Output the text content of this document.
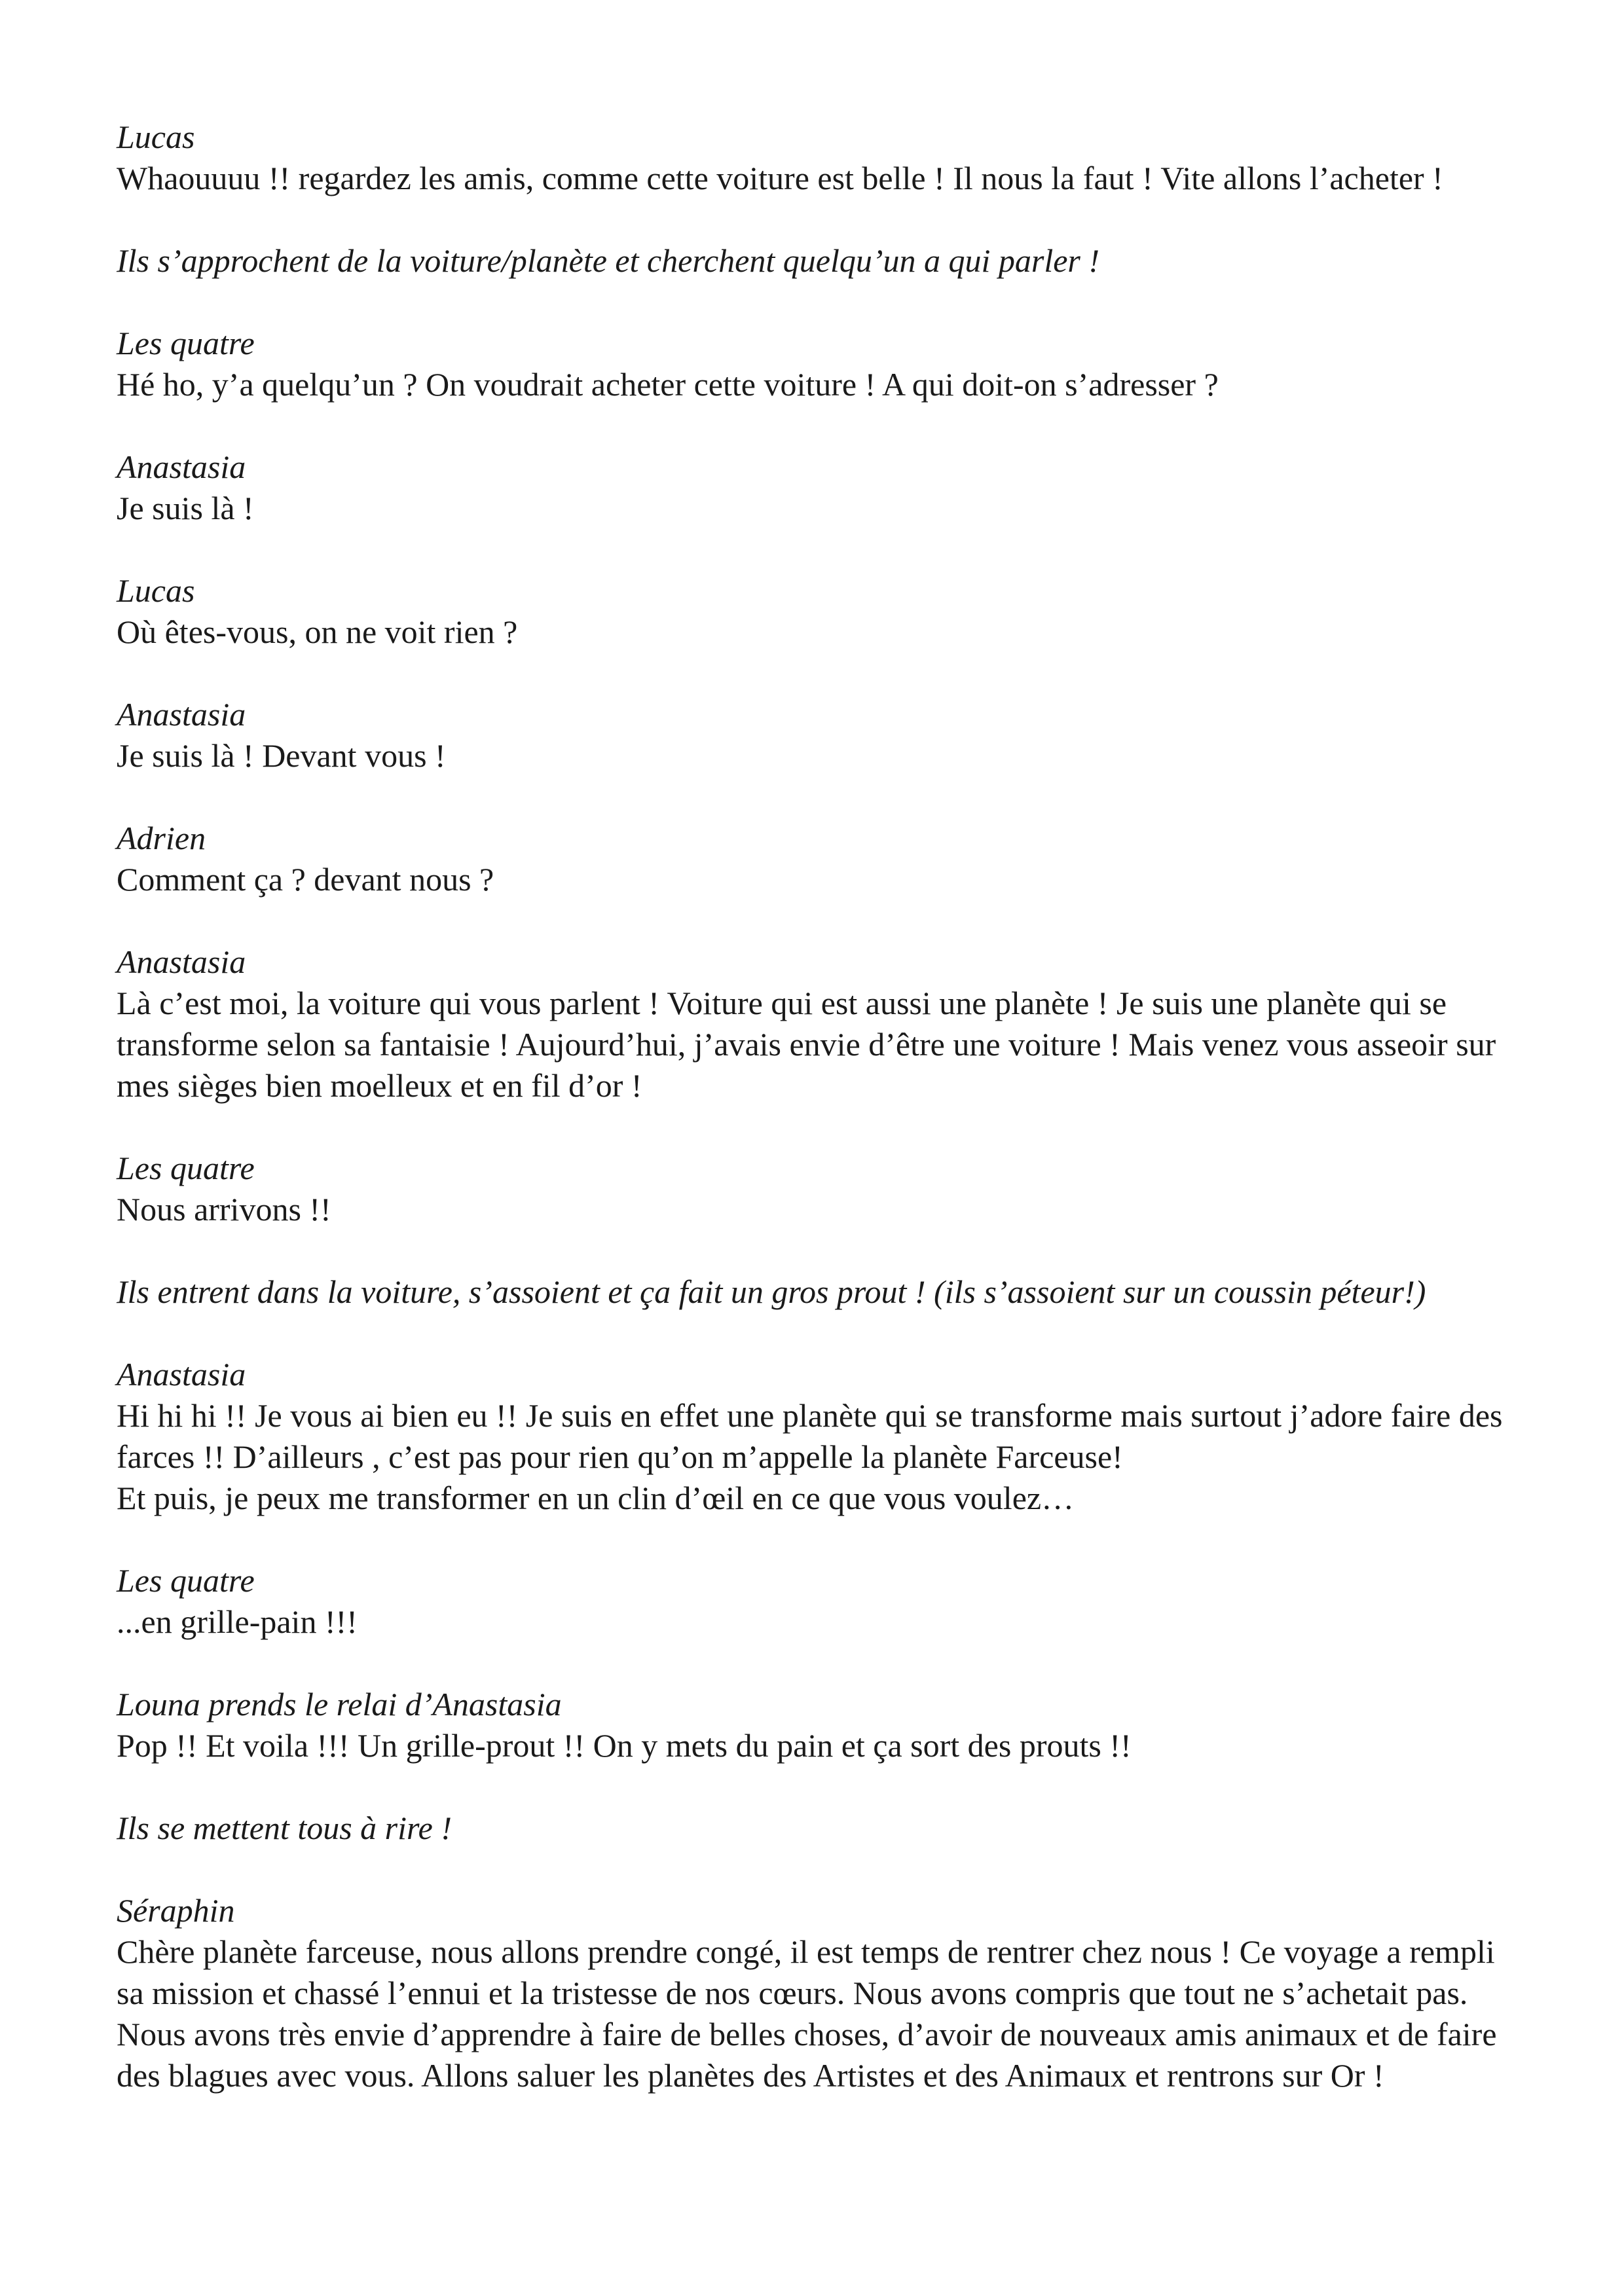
Lucas
Whaouuuu !! regardez les amis, comme cette voiture est belle ! Il nous la faut ! Vite allons l’acheter !
Ils s’approchent de la voiture/planète et cherchent quelqu’un a qui parler !
Les quatre
Hé ho, y’a quelqu’un ? On voudrait acheter cette voiture ! A qui doit-on s’adresser ?
Anastasia
Je suis là !
Lucas
Où êtes-vous, on ne voit rien ?
Anastasia
Je suis là ! Devant vous !
Adrien
Comment ça ? devant nous ?
Anastasia
Là c’est moi, la voiture qui vous parlent ! Voiture qui est aussi une planète ! Je suis une planète qui se transforme selon sa fantaisie ! Aujourd’hui, j’avais envie d’être une voiture ! Mais venez vous asseoir sur mes sièges bien moelleux et en fil d’or !
Les quatre
Nous arrivons !!
Ils entrent dans la voiture, s’assoient et ça fait un gros prout ! (ils s’assoient sur un coussin péteur!)
Anastasia
Hi hi hi !! Je vous ai bien eu !! Je suis en effet une planète qui se transforme mais surtout j’adore faire des farces !! D’ailleurs , c’est pas pour rien qu’on m’appelle la planète Farceuse!
Et puis, je peux me transformer en un clin d’œil en ce que vous voulez…
Les quatre
...en grille-pain !!!
Louna prends le relai d’Anastasia
Pop !! Et voila !!! Un grille-prout !! On y mets du pain et ça sort des prouts !!
Ils se mettent tous à rire !
Séraphin
Chère planète farceuse, nous allons prendre congé, il est temps de rentrer chez nous ! Ce voyage a rempli sa mission et chassé l’ennui et la tristesse de nos cœurs. Nous avons compris que tout ne s’achetait pas. Nous avons très envie d’apprendre à faire de belles choses, d’avoir de nouveaux amis animaux et de faire des blagues avec vous. Allons saluer les planètes des Artistes et des Animaux et rentrons sur Or !
